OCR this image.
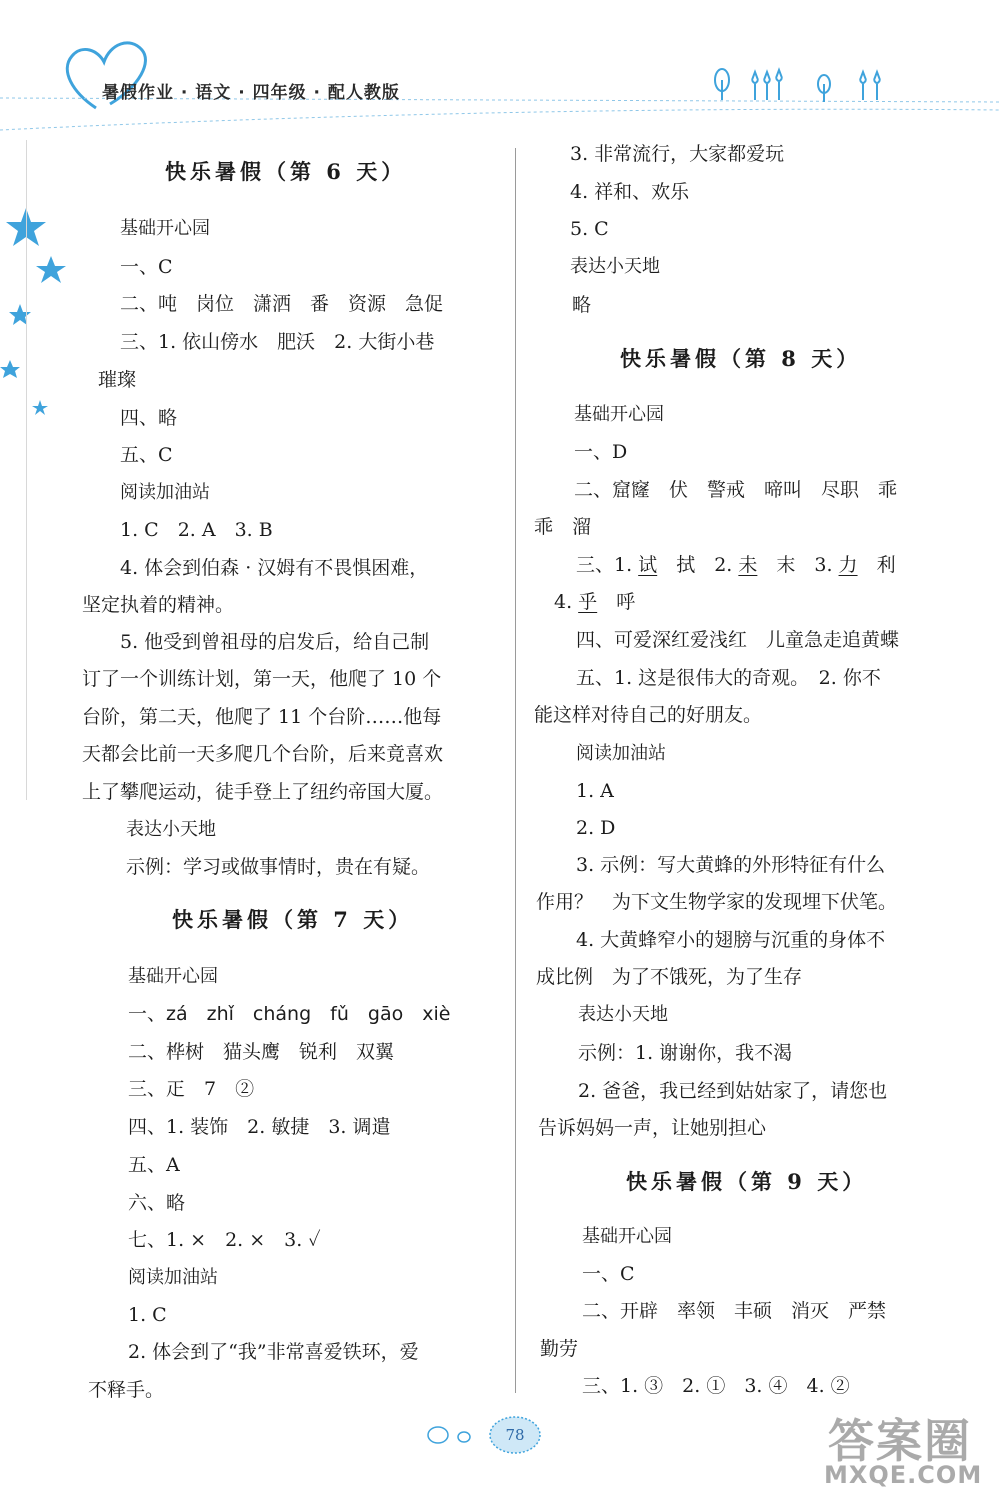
暑假作业 · 语文 · 四年级 · 配人教版
快乐暑假（第 6 天）
基础开心园
一、C
二、吨　岗位　潇洒　番　资源　急促
三、1. 依山傍水　肥沃　2. 大街小巷
璀璨
四、略
五、C
阅读加油站
1. C　2. A　3. B
4. 体会到伯森 · 汉姆有不畏惧困难，
坚定执着的精神。
5. 他受到曾祖母的启发后，给自己制
订了一个训练计划，第一天，他爬了 10 个
台阶，第二天，他爬了 11 个台阶……他每
天都会比前一天多爬几个台阶，后来竟喜欢
上了攀爬运动，徒手登上了纽约帝国大厦。
表达小天地
示例：学习或做事情时，贵在有疑。
快乐暑假（第 7 天）
基础开心园
一、zá　zhǐ　cháng　fǔ　gāo　xiè
二、桦树　猫头鹰　锐利　双翼
三、𤴓　7　②
四、1. 装饰　2. 敏捷　3. 调遣
五、A
六、略
七、1. ×　2. ×　3. ✓
阅读加油站
1. C
2. 体会到了“我”非常喜爱铁环，爱
不释手。
3. 非常流行，大家都爱玩
4. 祥和、欢乐
5. C
表达小天地
略
快乐暑假（第 8 天）
基础开心园
一、D
二、窟窿　伏　警戒　啼叫　尽职　乖
乖　溜
三、1. 试　拭　2. 未　末　3. 力　利
4. 乎　呼
四、可爱深红爱浅红　儿童急走追黄蝶
五、1. 这是很伟大的奇观。　2. 你不
能这样对待自己的好朋友。
阅读加油站
1. A
2. D
3. 示例：写大黄蜂的外形特征有什么
作用？　为下文生物学家的发现埋下伏笔。
4. 大黄蜂窄小的翅膀与沉重的身体不
成比例　为了不饿死，为了生存
表达小天地
示例：1. 谢谢你，我不渴
2. 爸爸，我已经到姑姑家了，请您也
告诉妈妈一声，让她别担心
快乐暑假（第 9 天）
基础开心园
一、C
二、开辟　率领　丰硕　消灭　严禁
勤劳
三、1. ③　2. ①　3. ④　4. ②
78	答案圈
MXQE.COM
